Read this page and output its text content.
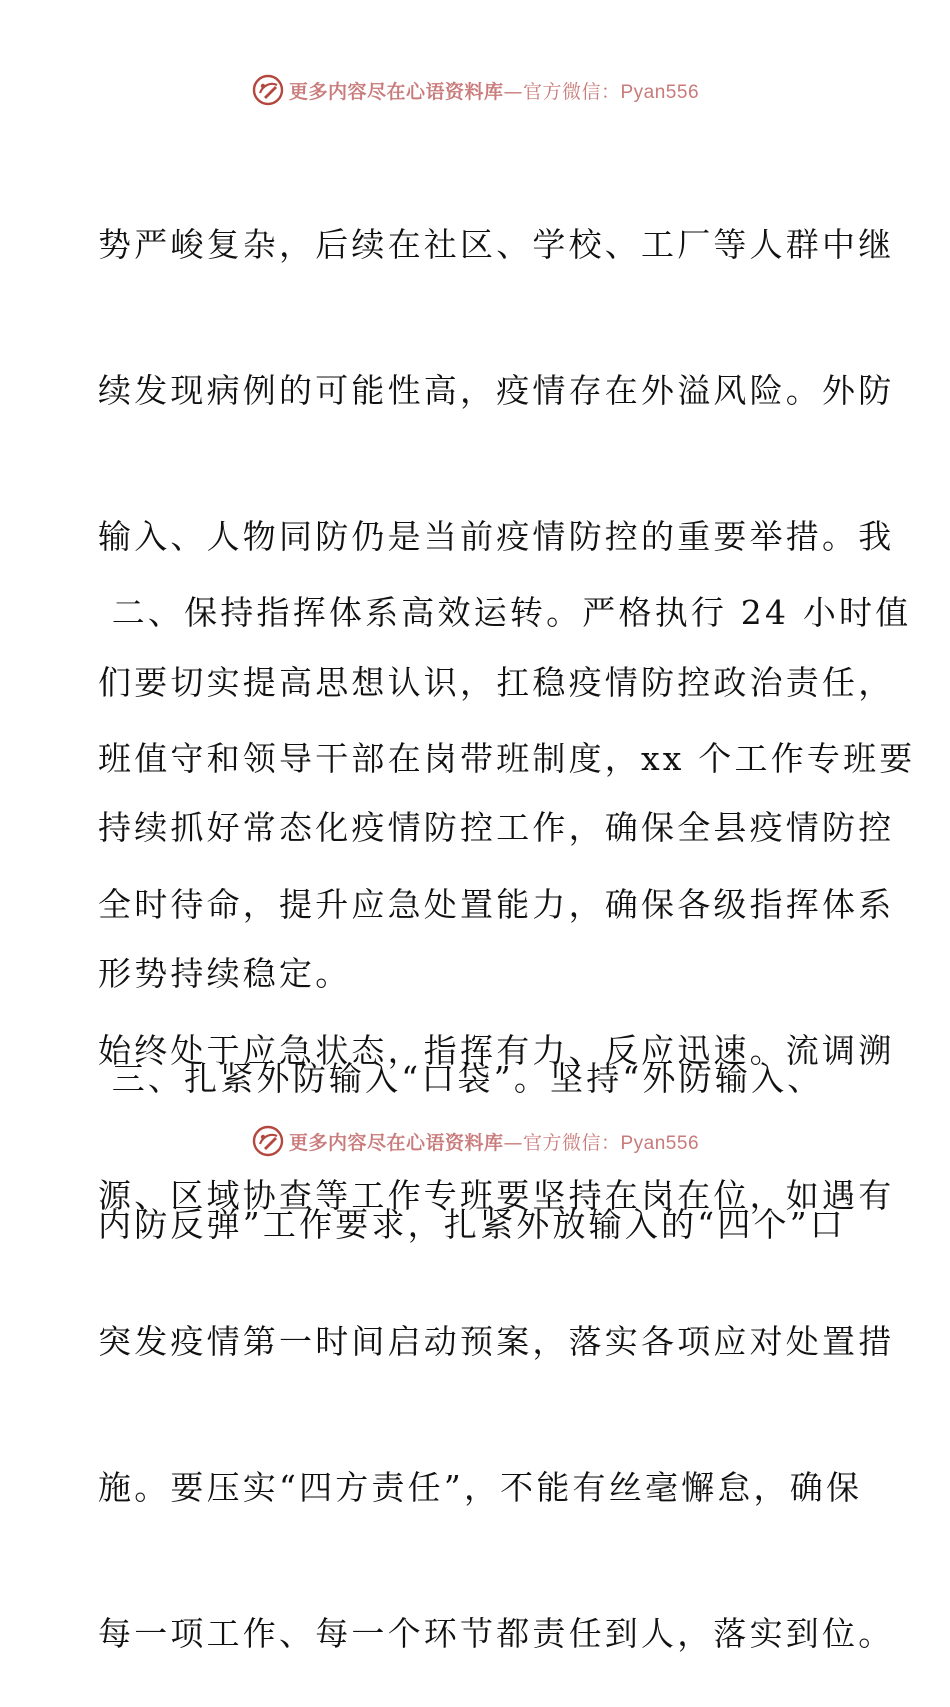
更多内容尽在心语资料库—官方微信：Pyan556

势严峻复杂，后续在社区、学校、工厂等人群中继

续发现病例的可能性高，疫情存在外溢风险。外防

输入、人物同防仍是当前疫情防控的重要举措。我

们要切实提高思想认识，扛稳疫情防控政治责任，

持续抓好常态化疫情防控工作，确保全县疫情防控

形势持续稳定。

二、保持指挥体系高效运转。严格执行 24 小时值

班值守和领导干部在岗带班制度，xx 个工作专班要

全时待命，提升应急处置能力，确保各级指挥体系

始终处于应急状态，指挥有力、反应迅速。流调溯

源、区域协查等工作专班要坚持在岗在位，如遇有

突发疫情第一时间启动预案，落实各项应对处置措

施。要压实“四方责任”，不能有丝毫懈怠，确保

每一项工作、每一个环节都责任到人，落实到位。

三、扎紧外防输入“口袋”。坚持“外防输入、

内防反弹”工作要求，扎紧外放输入的“四个”口

更多内容尽在心语资料库—官方微信：Pyan556
